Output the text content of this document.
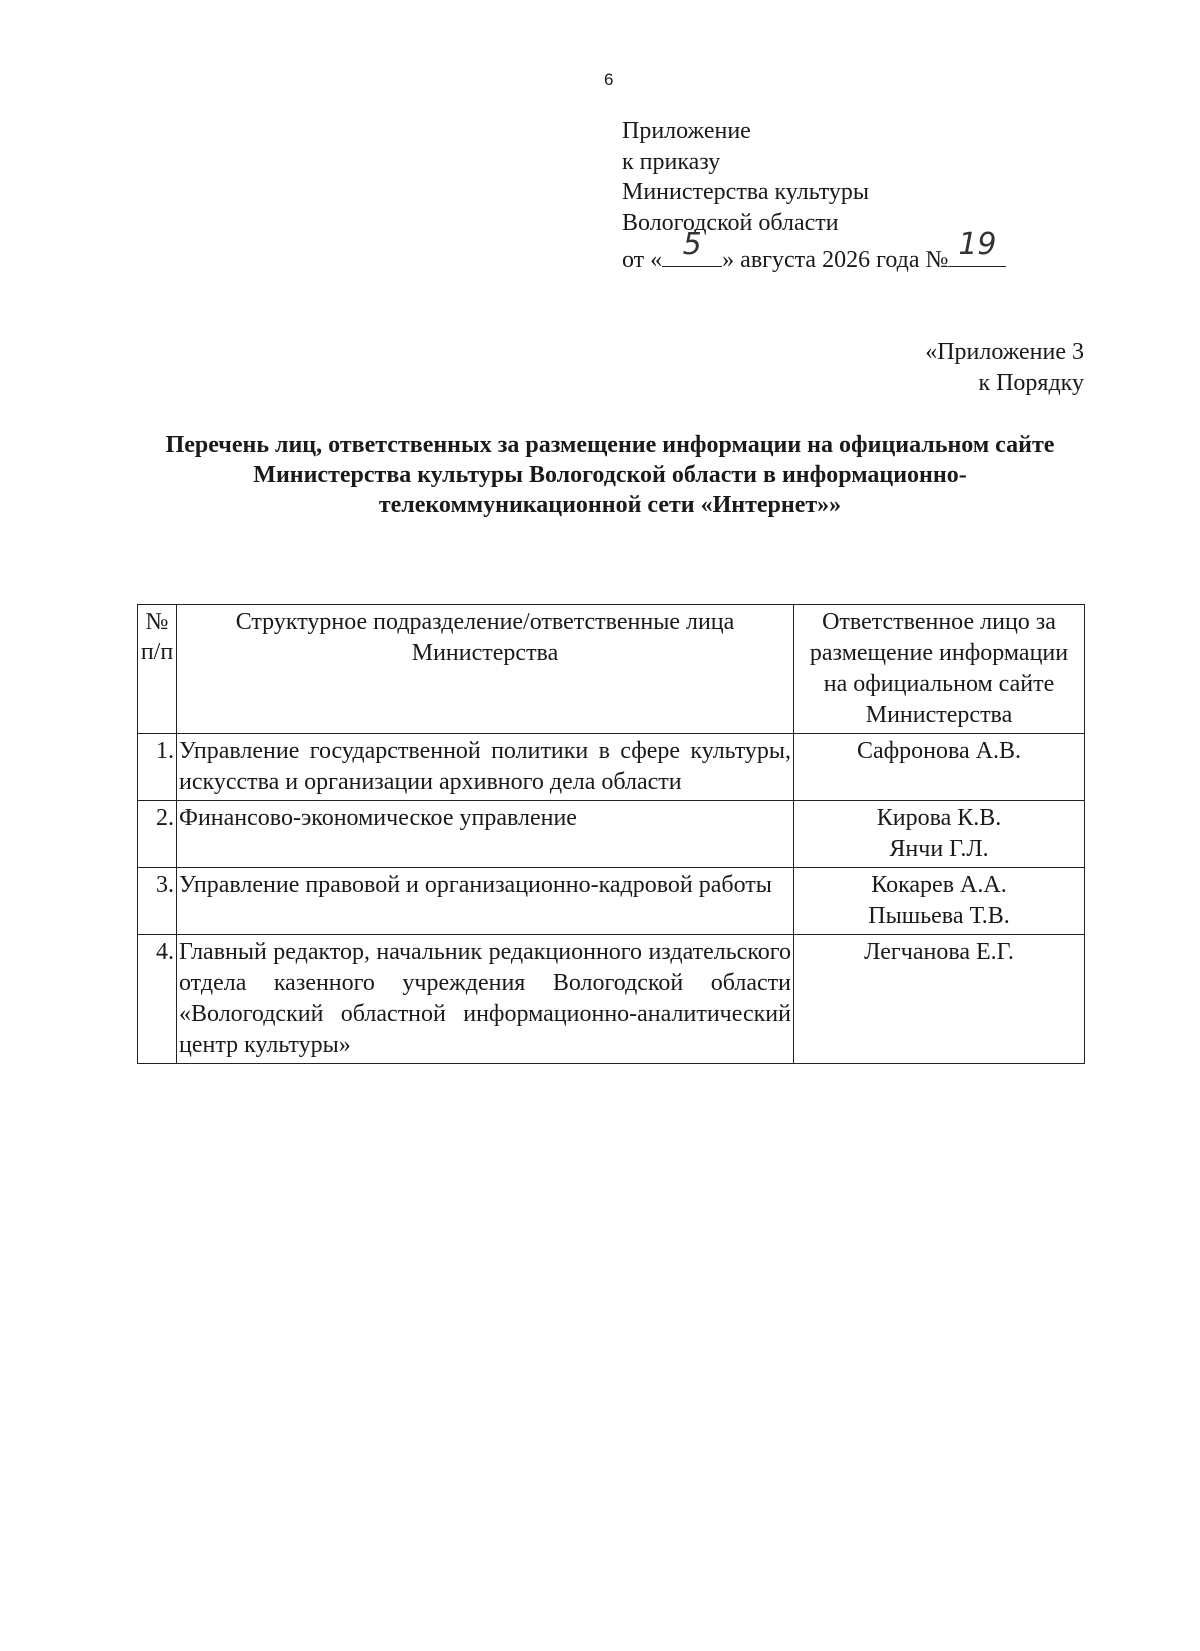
6
Приложение
к приказу
Министерства культуры
Вологодской области
от « 5 » августа 2026 года № 19
«Приложение 3
к Порядку
Перечень лиц, ответственных за размещение информации на официальном сайте Министерства культуры Вологодской области в информационно-телекоммуникационной сети «Интернет»»
№ п/п	Структурное подразделение/ответственные лица Министерства	Ответственное лицо за размещение информации на официальном сайте Министерства
1.	Управление государственной политики в сфере культуры, искусства и организации архивного дела области	Сафронова А.В.

2.	Финансово-экономическое управление	Кирова К.В.
Янчи Г.Л.

3.	Управление правовой и организационно-кадровой работы	Кокарев А.А.
Пышьева Т.В.

4.	Главный редактор, начальник редакционного издательского отдела казенного учреждения Вологодской области «Вологодский областной информационно-аналитический центр культуры»	Легчанова Е.Г.
